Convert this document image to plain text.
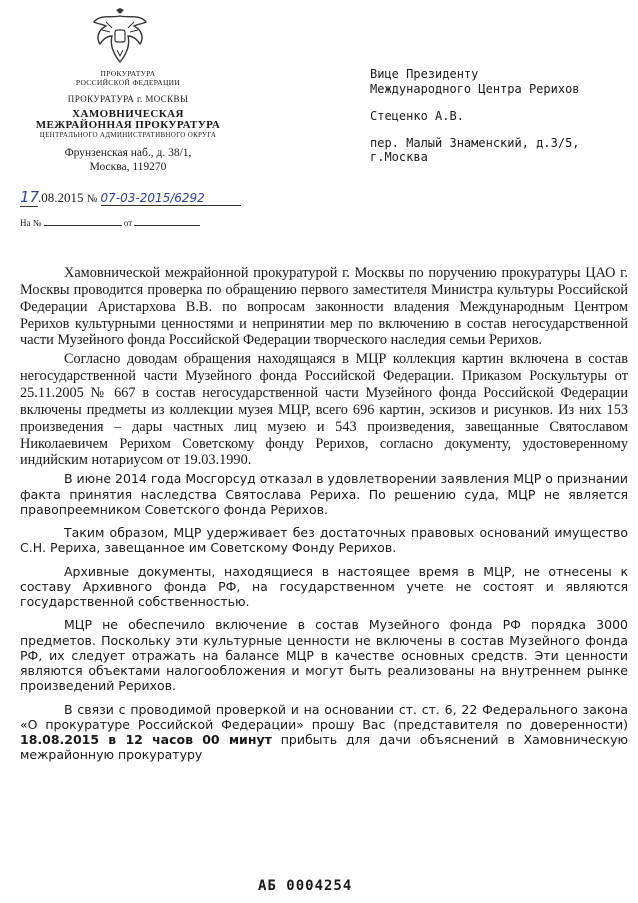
ПРОКУРАТУРА
РОССИЙСКОЙ ФЕДЕРАЦИИ
ПРОКУРАТУРА г. МОСКВЫ
ХАМОВНИЧЕСКАЯ
МЕЖРАЙОННАЯ ПРОКУРАТУРА
ЦЕНТРАЛЬНОГО АДМИНИСТРАТИВНОГО ОКРУГА
Фрунзенская наб., д. 38/1,
Москва, 119270
17.08.2015 № 07-03-2015/6292
На №	от
Вице Президенту
Международного Центра Рерихов
Стеценко А.В.
пер. Малый Знаменский, д.3/5,
г.Москва

Хамовнической межрайонной прокуратурой г. Москвы по поручению прокуратуры ЦАО г. Москвы проводится проверка по обращению первого заместителя Министра культуры Российской Федерации Аристархова В.В. по вопросам законности владения Международным Центром Рерихов культурными ценностями и непринятии мер по включению в состав негосударственной части Музейного фонда Российской Федерации творческого наследия семьи Рерихов.

Согласно доводам обращения находящаяся в МЦР коллекция картин включена в состав негосударственной части Музейного фонда Российской Федерации. Приказом Роскультуры от 25.11.2005 № 667 в состав негосударственной части Музейного фонда Российской Федерации включены предметы из коллекции музея МЦР, всего 696 картин, эскизов и рисунков. Из них 153 произведения – дары частных лиц музею и 543 произведения, завещанные Святославом Николаевичем Рерихом Советскому фонду Рерихов, согласно документу, удостоверенному индийским нотариусом от 19.03.1990.

В июне 2014 года Мосгорсуд отказал в удовлетворении заявления МЦР о признании факта принятия наследства Святослава Рериха. По решению суда, МЦР не является правопреемником Советского фонда Рерихов.

Таким образом, МЦР удерживает без достаточных правовых оснований имущество С.Н. Рериха, завещанное им Советскому Фонду Рерихов.

Архивные документы, находящиеся в настоящее время в МЦР, не отнесены к составу Архивного фонда РФ, на государственном учете не состоят и являются государственной собственностью.

МЦР не обеспечило включение в состав Музейного фонда РФ порядка 3000 предметов. Поскольку эти культурные ценности не включены в состав Музейного фонда РФ, их следует отражать на балансе МЦР в качестве основных средств. Эти ценности являются объектами налогообложения и могут быть реализованы на внутреннем рынке произведений Рерихов.

В связи с проводимой проверкой и на основании ст. ст. 6, 22 Федерального закона «О прокуратуре Российской Федерации» прошу Вас (представителя по доверенности) 18.08.2015 в 12 часов 00 минут прибыть для дачи объяснений в Хамовническую межрайонную прокуратуру

АБ 0004254
